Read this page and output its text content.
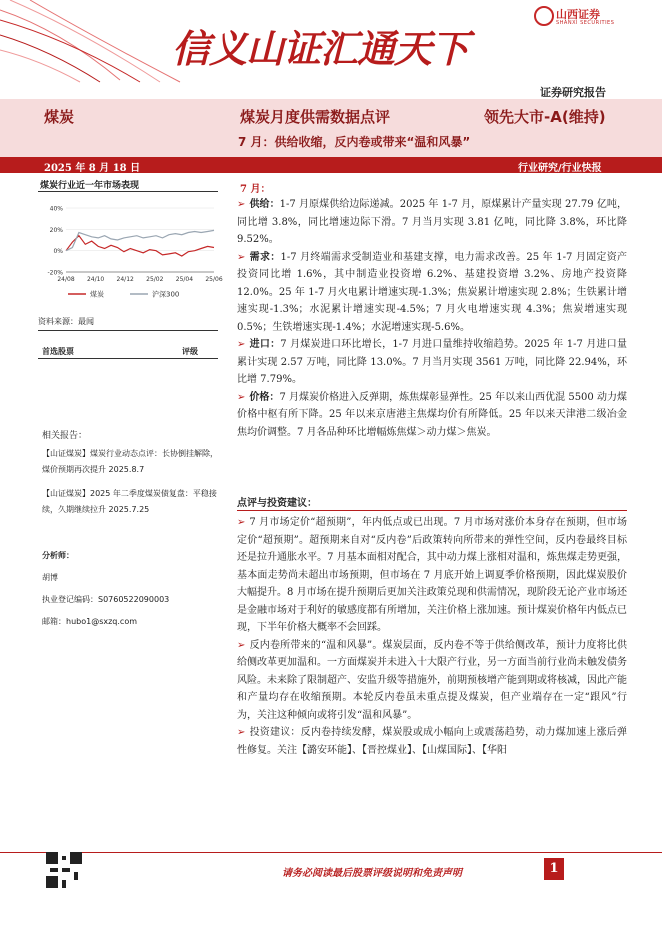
信义山证汇通天下
山西证券
SHANXI SECURITIES
证券研究报告
煤炭	煤炭月度供需数据点评	领先大市-A(维持)
7 月：供给收缩，反内卷或带来“温和风暴”
2025 年 8 月 18 日	行业研究/行业快报
煤炭行业近一年市场表现
40%
20%
0%
-20%
24/08 24/10 24/12 25/02 25/04 25/06
煤炭	沪深300
资料来源：最闻
首选股票	评级
相关报告：
【山证煤炭】煤炭行业动态点评：长协倒挂解除，煤价预期再次提升 2025.8.7
【山证煤炭】2025 年二季度煤炭债复盘：平稳接续，久期继续拉升 2025.7.25
分析师：
胡博
执业登记编码：S0760522090003
邮箱：hubo1@sxzq.com
7 月：

➢ 供给：1-7 月原煤供给边际递减。2025 年 1-7 月，原煤累计产量实现 27.79 亿吨，同比增 3.8%，同比增速边际下滑。7 月当月实现 3.81 亿吨，同比降 3.8%，环比降 9.52%。

➢ 需求：1-7 月终端需求受制造业和基建支撑，电力需求改善。25 年 1-7 月固定资产投资同比增 1.6%，其中制造业投资增 6.2%、基建投资增 3.2%、房地产投资降 12.0%。25 年 1-7 月火电累计增速实现-1.3%；焦炭累计增速实现 2.8%；生铁累计增速实现-1.3%；水泥累计增速实现-4.5%；7 月火电增速实现 4.3%；焦炭增速实现 0.5%；生铁增速实现-1.4%；水泥增速实现-5.6%。

➢ 进口：7 月煤炭进口环比增长，1-7 月进口量维持收缩趋势。2025 年 1-7 月进口量累计实现 2.57 万吨，同比降 13.0%。7 月当月实现 3561 万吨，同比降 22.94%，环比增 7.79%。

➢ 价格：7 月煤炭价格进入反弹期，炼焦煤彰显弹性。25 年以来山西优混 5500 动力煤价格中枢有所下降。25 年以来京唐港主焦煤均价有所降低。25 年以来天津港二级冶金焦均价调整。7 月各品种环比增幅炼焦煤＞动力煤＞焦炭。

点评与投资建议：

➢ 7 月市场定价“超预期”，年内低点或已出现。7 月市场对涨价本身存在预期，但市场定价“超预期”。超预期来自对“反内卷”后政策转向所带来的弹性空间，反内卷最终目标还是拉升通胀水平。7 月基本面相对配合，其中动力煤上涨相对温和，炼焦煤走势更强，基本面走势尚未超出市场预期，但市场在 7 月底开始上调夏季价格预期，因此煤炭股价大幅提升。8 月市场在提升预期后更加关注政策兑现和供需情况，现阶段无论产业市场还是金融市场对于利好的敏感度都有所增加，关注价格上涨加速。预计煤炭价格年内低点已现，下半年价格大概率不会回踩。

➢ 反内卷所带来的“温和风暴”。煤炭层面，反内卷不等于供给侧改革，预计力度将比供给侧改革更加温和。一方面煤炭并未进入十大限产行业，另一方面当前行业尚未触发债务风险。未来除了限制超产、安监升级等措施外，前期预核增产能到期或将核减，因此产能和产量均存在收缩预期。本轮反内卷虽未重点提及煤炭，但产业端存在一定“跟风”行为，关注这种倾向或将引发“温和风暴”。

➢ 投资建议：反内卷持续发酵，煤炭股或成小幅向上或震荡趋势，动力煤加速上涨后弹性修复。关注【潞安环能】、【晋控煤业】、【山煤国际】、【华阳

请务必阅读最后股票评级说明和免责声明	1
